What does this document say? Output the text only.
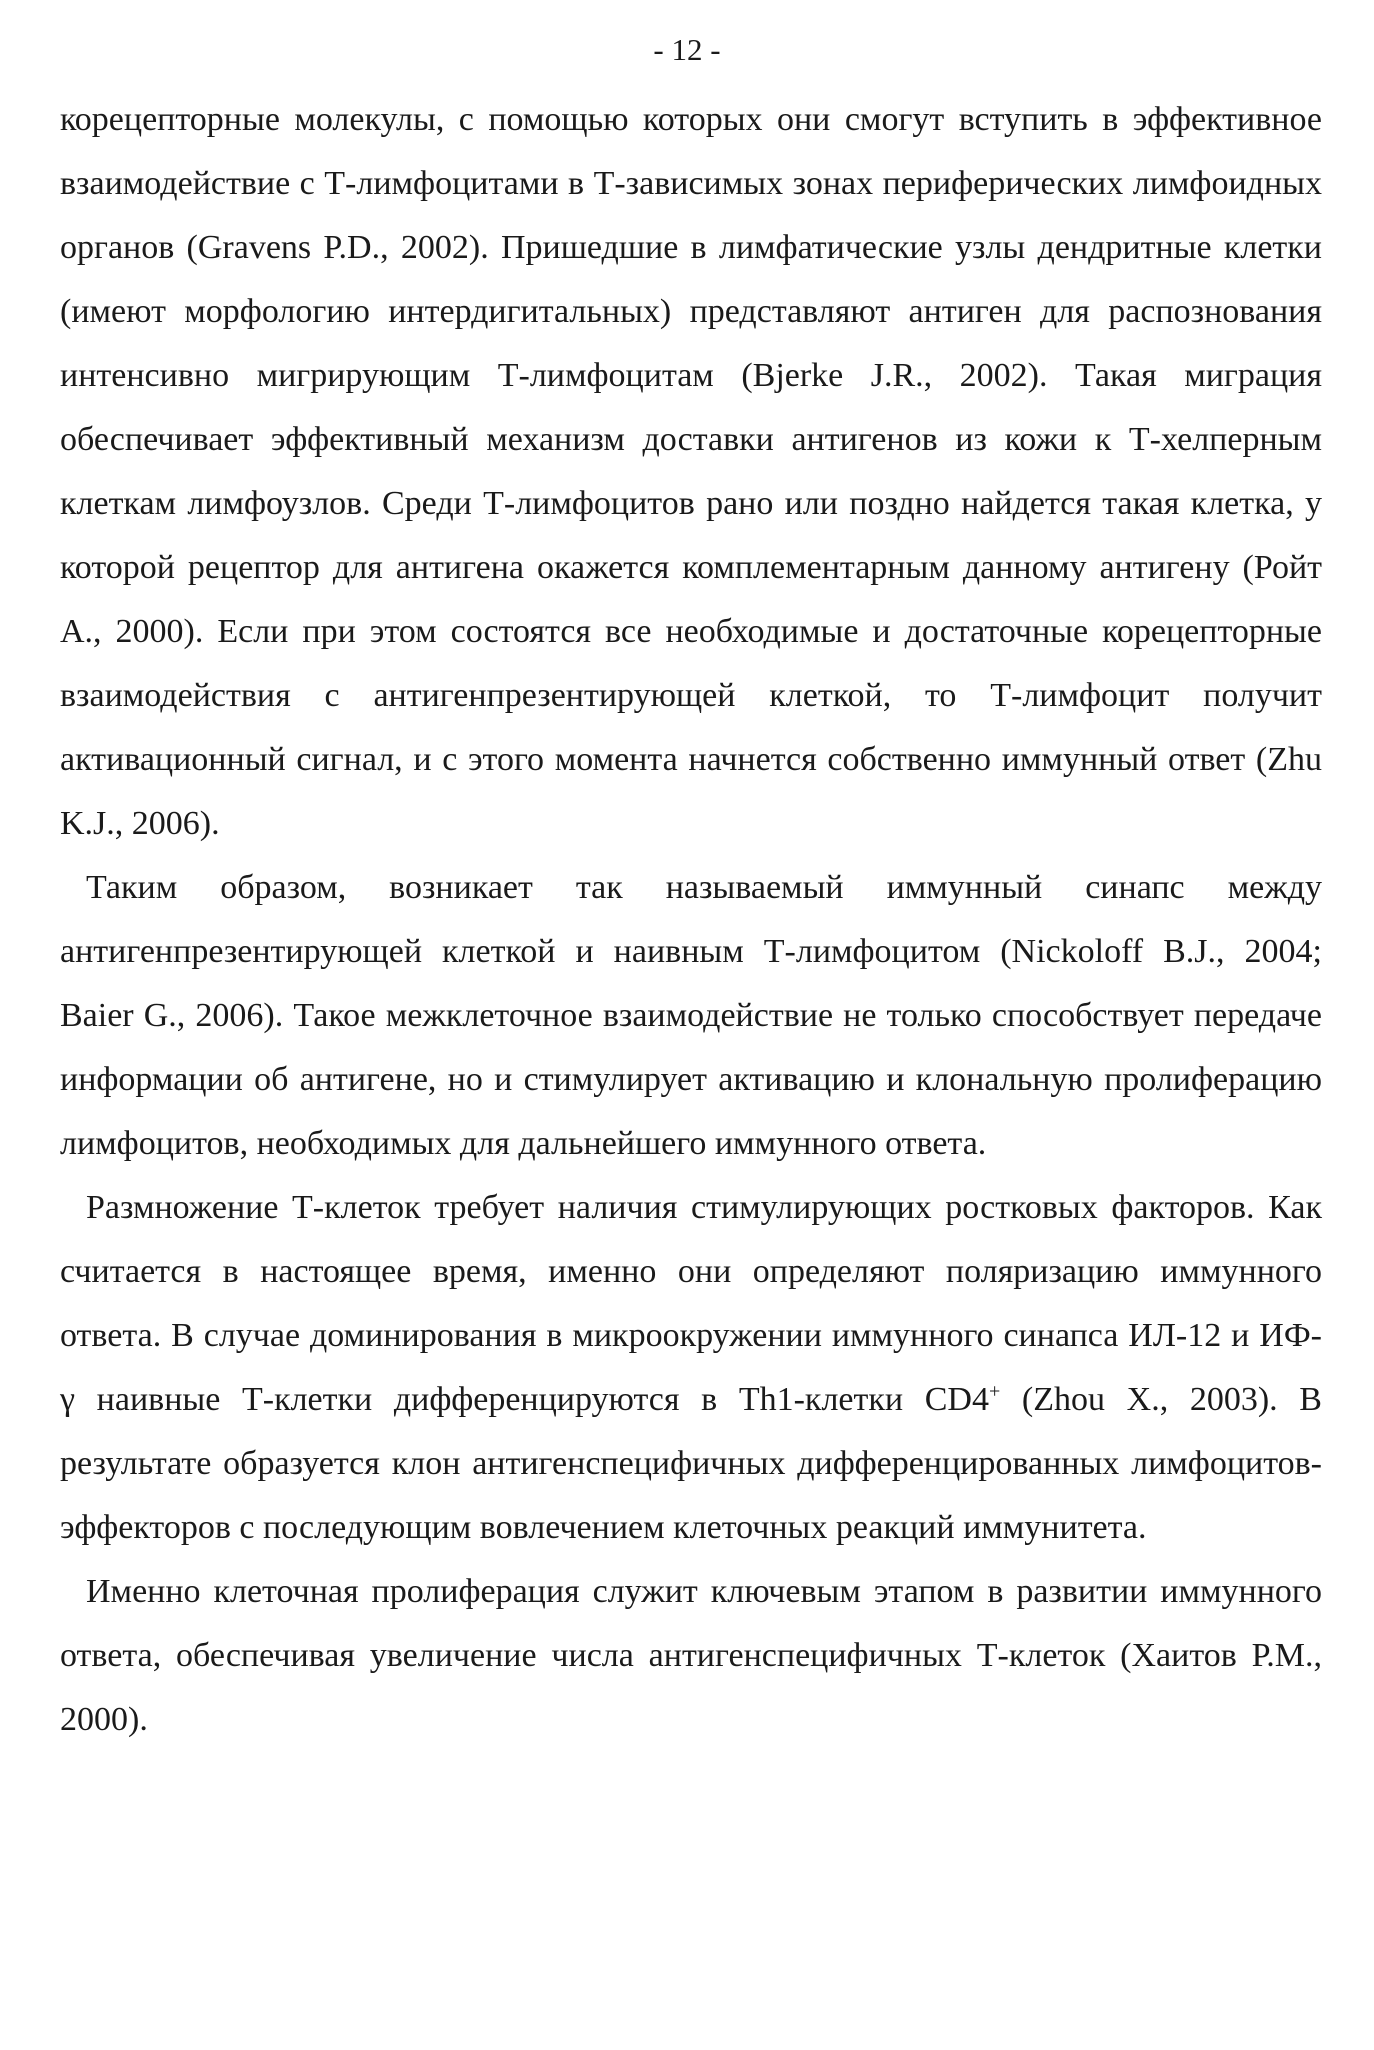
- 12 -

корецепторные молекулы, с помощью которых они смогут вступить в эффективное взаимодействие с Т-лимфоцитами в Т-зависимых зонах периферических лимфоидных органов (Gravens P.D., 2002). Пришедшие в лимфатические узлы дендритные клетки (имеют морфологию интердигитальных) представляют антиген для распознования интенсивно мигрирующим Т-лимфоцитам (Bjerke J.R., 2002). Такая миграция обеспечивает эффективный механизм доставки антигенов из кожи к Т-хелперным клеткам лимфоузлов. Среди Т-лимфоцитов рано или поздно найдется такая клетка, у которой рецептор для антигена окажется комплементарным данному антигену (Ройт А., 2000). Если при этом состоятся все необходимые и достаточные корецепторные взаимодействия с антигенпрезентирующей клеткой, то Т-лимфоцит получит активационный сигнал, и с этого момента начнется собственно иммунный ответ (Zhu K.J., 2006).

Таким образом, возникает так называемый иммунный синапс между антигенпрезентирующей клеткой и наивным Т-лимфоцитом (Nickoloff B.J., 2004; Baier G., 2006). Такое межклеточное взаимодействие не только способствует передаче информации об антигене, но и стимулирует активацию и клональную пролиферацию лимфоцитов, необходимых для дальнейшего иммунного ответа.

Размножение Т-клеток требует наличия стимулирующих ростковых факторов. Как считается в настоящее время, именно они определяют поляризацию иммунного ответа. В случае доминирования в микроокружении иммунного синапса ИЛ-12 и ИФ-γ наивные Т-клетки дифференцируются в Th1-клетки CD4+ (Zhou X., 2003). В результате образуется клон антигенспецифичных дифференцированных лимфоцитов-эффекторов с последующим вовлечением клеточных реакций иммунитета.

Именно клеточная пролиферация служит ключевым этапом в развитии иммунного ответа, обеспечивая увеличение числа антигенспецифичных Т-клеток (Хаитов Р.М., 2000).
